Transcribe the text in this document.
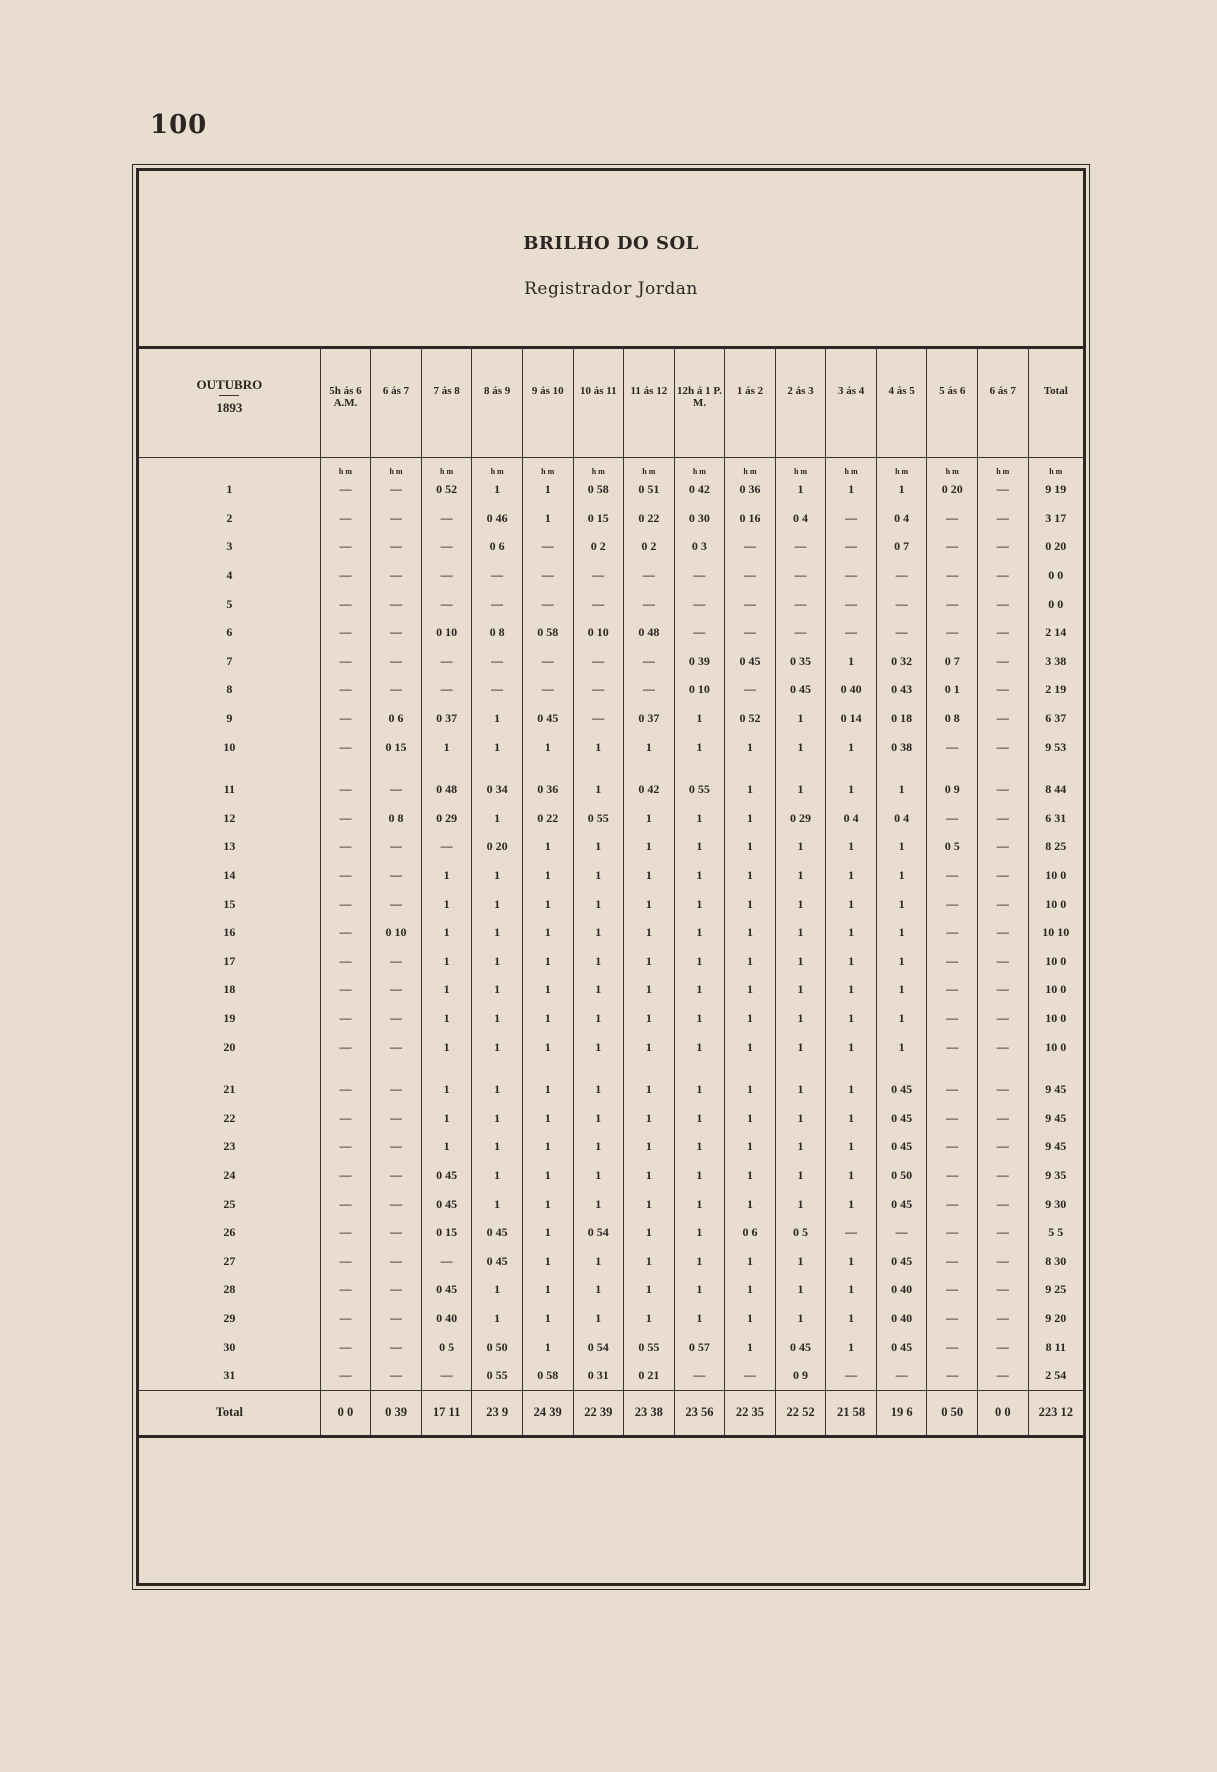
100
BRILHO DO SOL
Registrador Jordan
OUTUBRO
1893	5h ás 6 A.M.	6 ás 7	7 ás 8	8 ás 9	9 ás 10	10 ás 11	11 ás 12	12h á 1 P. M.	1 ás 2	2 ás 3	3 ás 4	4 ás 5	5 ás 6	6 ás 7	Total
	h m	h m	h m	h m	h m	h m	h m	h m	h m	h m	h m	h m	h m	h m	h m
1	—	—	0 52	1	1	0 58	0 51	0 42	0 36	1	1	1	0 20	—	9 19
2	—	—	—	0 46	1	0 15	0 22	0 30	0 16	0 4	—	0 4	—	—	3 17
3	—	—	—	0 6	—	0 2	0 2	0 3	—	—	—	0 7	—	—	0 20
4	—	—	—	—	—	—	—	—	—	—	—	—	—	—	0 0
5	—	—	—	—	—	—	—	—	—	—	—	—	—	—	0 0
6	—	—	0 10	0 8	0 58	0 10	0 48	—	—	—	—	—	—	—	2 14
7	—	—	—	—	—	—	—	0 39	0 45	0 35	1	0 32	0 7	—	3 38
8	—	—	—	—	—	—	—	0 10	—	0 45	0 40	0 43	0 1	—	2 19
9	—	0 6	0 37	1	0 45	—	0 37	1	0 52	1	0 14	0 18	0 8	—	6 37
10	—	0 15	1	1	1	1	1	1	1	1	1	0 38	—	—	9 53
11	—	—	0 48	0 34	0 36	1	0 42	0 55	1	1	1	1	0 9	—	8 44
12	—	0 8	0 29	1	0 22	0 55	1	1	1	0 29	0 4	0 4	—	—	6 31
13	—	—	—	0 20	1	1	1	1	1	1	1	1	0 5	—	8 25
14	—	—	1	1	1	1	1	1	1	1	1	1	—	—	10 0
15	—	—	1	1	1	1	1	1	1	1	1	1	—	—	10 0
16	—	0 10	1	1	1	1	1	1	1	1	1	1	—	—	10 10
17	—	—	1	1	1	1	1	1	1	1	1	1	—	—	10 0
18	—	—	1	1	1	1	1	1	1	1	1	1	—	—	10 0
19	—	—	1	1	1	1	1	1	1	1	1	1	—	—	10 0
20	—	—	1	1	1	1	1	1	1	1	1	1	—	—	10 0
21	—	—	1	1	1	1	1	1	1	1	1	0 45	—	—	9 45
22	—	—	1	1	1	1	1	1	1	1	1	0 45	—	—	9 45
23	—	—	1	1	1	1	1	1	1	1	1	0 45	—	—	9 45
24	—	—	0 45	1	1	1	1	1	1	1	1	0 50	—	—	9 35
25	—	—	0 45	1	1	1	1	1	1	1	1	0 45	—	—	9 30
26	—	—	0 15	0 45	1	0 54	1	1	0 6	0 5	—	—	—	—	5 5
27	—	—	—	0 45	1	1	1	1	1	1	1	0 45	—	—	8 30
28	—	—	0 45	1	1	1	1	1	1	1	1	0 40	—	—	9 25
29	—	—	0 40	1	1	1	1	1	1	1	1	0 40	—	—	9 20
30	—	—	0 5	0 50	1	0 54	0 55	0 57	1	0 45	1	0 45	—	—	8 11
31	—	—	—	0 55	0 58	0 31	0 21	—	—	0 9	—	—	—	—	2 54
Total	0 0	0 39	17 11	23 9	24 39	22 39	23 38	23 56	22 35	22 52	21 58	19 6	0 50	0 0	223 12
